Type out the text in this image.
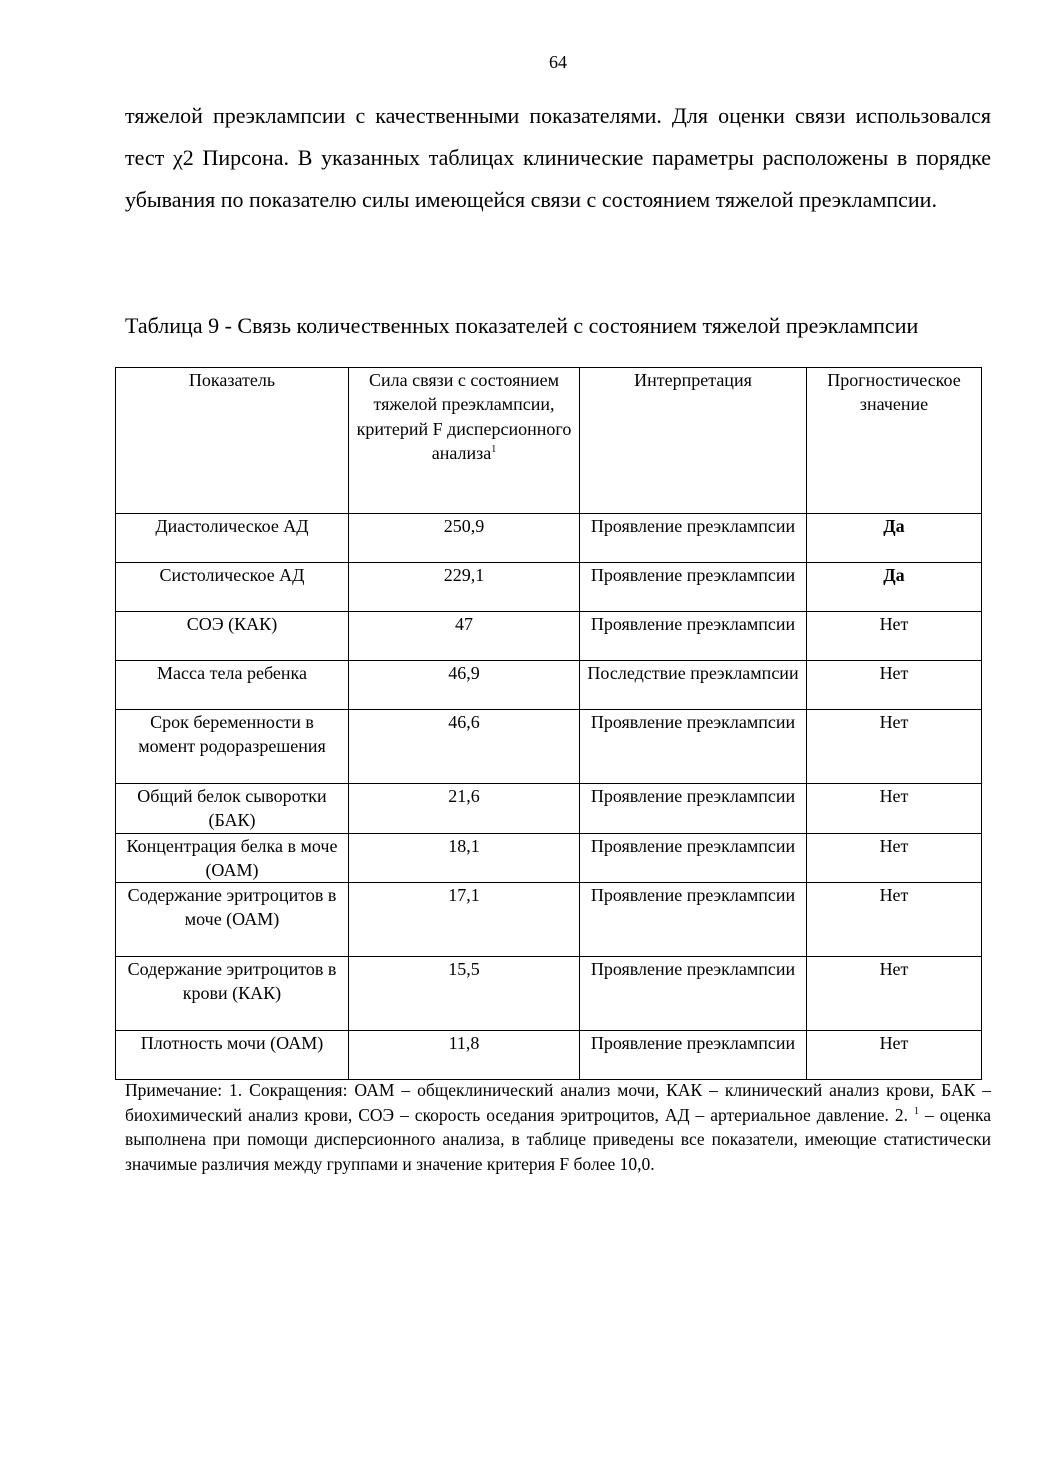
64

тяжелой преэклампсии с качественными показателями. Для оценки связи использовался тест χ2 Пирсона. В указанных таблицах клинические параметры расположены в порядке убывания по показателю силы имеющейся связи с состоянием тяжелой преэклампсии.

Таблица 9 - Связь количественных показателей с состоянием тяжелой преэклампсии
Показатель	Сила связи с состоянием тяжелой преэклампсии, критерий F дисперсионного анализа$^1$	Интерпретация	Прогностическое значение
Диастолическое АД	250,9	Проявление преэклампсии	Да
Систолическое АД	229,1	Проявление преэклампсии	Да
СОЭ (КАК)	47	Проявление преэклампсии	Нет
Масса тела ребенка	46,9	Последствие преэклампсии	Нет
Срок беременности в момент родоразрешения	46,6	Проявление преэклампсии	Нет
Общий белок сыворотки (БАК)	21,6	Проявление преэклампсии	Нет
Концентрация белка в моче (ОАМ)	18,1	Проявление преэклампсии	Нет
Содержание эритроцитов в моче (ОАМ)	17,1	Проявление преэклампсии	Нет
Содержание эритроцитов в крови (КАК)	15,5	Проявление преэклампсии	Нет
Плотность мочи (ОАМ)	11,8	Проявление преэклампсии	Нет

Примечание: 1. Сокращения: ОАМ – общеклинический анализ мочи, КАК – клинический анализ крови, БАК – биохимический анализ крови, СОЭ – скорость оседания эритроцитов, АД – артериальное давление. 2. $^1$ – оценка выполнена при помощи дисперсионного анализа, в таблице приведены все показатели, имеющие статистически значимые различия между группами и значение критерия F более 10,0.
